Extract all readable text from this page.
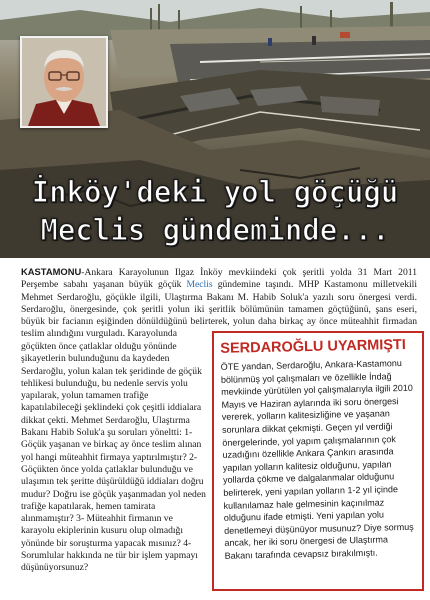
İnköy'deki yol göçüğü
Meclis gündeminde...

KASTAMONU-Ankara Karayolunun Ilgaz İnköy mevkiindeki çok şeritli yolda 31 Mart 2011 Perşembe sabahı yaşanan büyük göçük Meclis gündemine taşındı. MHP Kastamonu milletvekili Mehmet Serdaroğlu, göçükle ilgili, Ulaştırma Bakanı M. Habib Soluk'a yazılı soru önergesi verdi. Serdaroğlu, önergesinde, çok şeritli yolun iki şeritlik bölümünün tamamen göçtüğünü, şans eseri, büyük bir facianın eşiğinden dönüldüğünü belirterek, yolun daha birkaç ay önce müteahhit firmadan teslim alındığını vurguladı. Karayolunda

göçükten önce çatlaklar olduğu yönünde şikayetlerin bulunduğunu da kaydeden Serdaroğlu, yolun kalan tek şeridinde de göçük tehlikesi bulunduğu, bu nedenle servis yolu yapılarak, yolun tamamen trafiğe kapatılabileceği şeklindeki çok çeşitli iddialara dikkat çekti. Mehmet Serdaroğlu, Ulaştırma Bakanı Habib Soluk'a şu soruları yöneltti: 1- Göçük yaşanan ve birkaç ay önce teslim alınan yol hangi müteahhit firmaya yaptırılmıştır? 2- Göçükten önce yolda çatlaklar bulunduğu ve ulaşımın tek şeritte düşürüldüğü iddiaları doğru mudur? Doğru ise göçük yaşanmadan yol neden trafiğe kapatılarak, hemen tamirata alınmamıştır? 3- Müteahhit firmanın ve karayolu ekiplerinin kusuru olup olmadığı yönünde bir soruşturma yapacak mısınız? 4- Sorumlular hakkında ne tür bir işlem yapmayı düşünüyorsunuz?

SERDAROĞLU UYARMIŞTI

ÖTE yandan, Serdaroğlu, Ankara-Kastamonu bölünmüş yol çalışmaları ve özellikle İndağ mevkiinde yürütülen yol çalışmalarıyla ilgili 2010 Mayıs ve Haziran aylarında iki soru önergesi vererek, yolların kalitesizliğine ve yaşanan sorunlara dikkat çekmişti. Geçen yıl verdiği önergelerinde, yol yapım çalışmalarının çok uzadığını özellikle Ankara Çankırı arasında yapılan yolların kalitesiz olduğunu, yapılan yollarda çökme ve dalgalanmalar olduğunu belirterek, yeni yapılan yolların 1-2 yıl içinde kullanılamaz hale gelmesinin kaçınılmaz olduğunu ifade etmişti. Yeni yapılan yolu denetlemeyi düşünüyor musunuz? Diye sormuş ancak, her iki soru önergesi de Ulaştırma Bakanı tarafında cevapsız bırakılmıştı.
